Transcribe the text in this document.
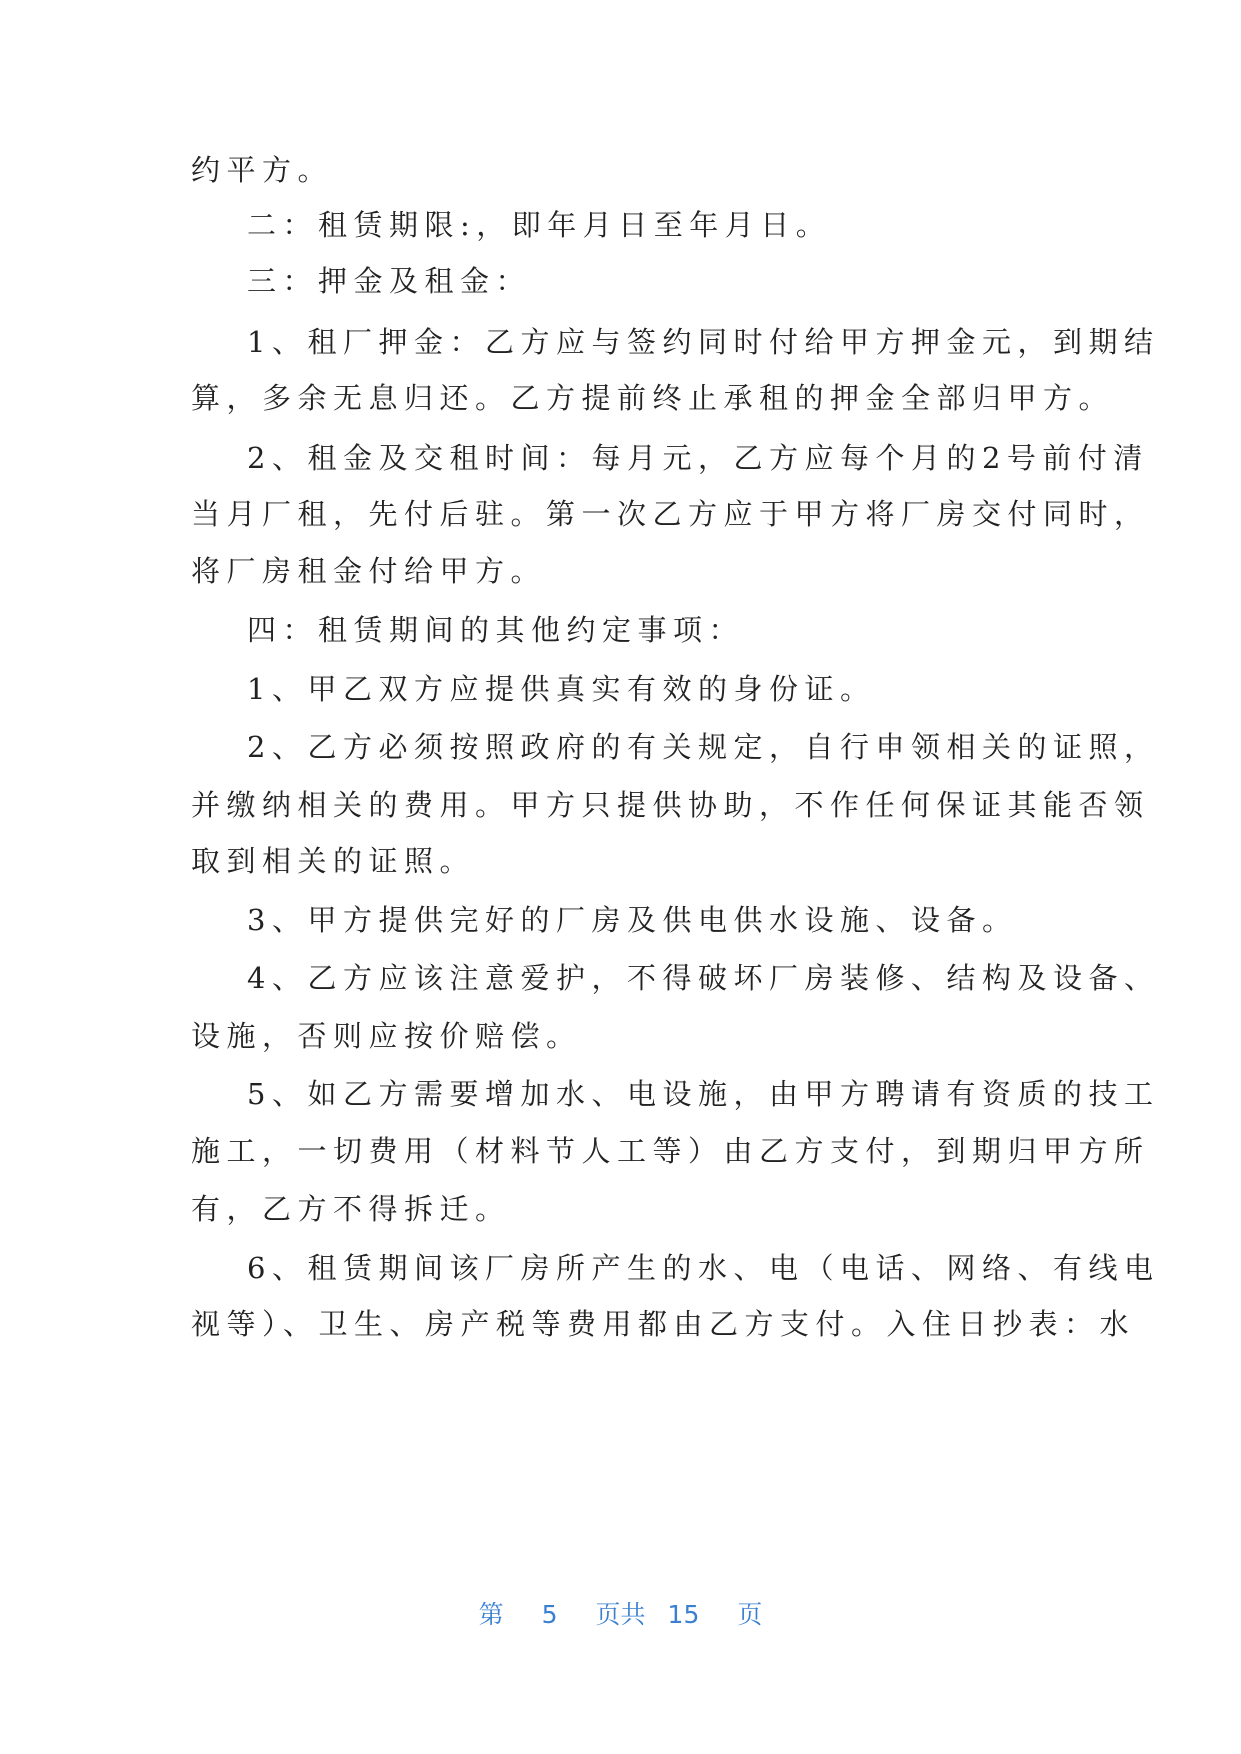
约平方。
二：租赁期限:，即年月日至年月日。
三：押金及租金：
1、租厂押金：乙方应与签约同时付给甲方押金元，到期结
算，多余无息归还。乙方提前终止承租的押金全部归甲方。
2、租金及交租时间：每月元，乙方应每个月的2号前付清
当月厂租，先付后驻。第一次乙方应于甲方将厂房交付同时，
将厂房租金付给甲方。
四：租赁期间的其他约定事项：
1、甲乙双方应提供真实有效的身份证。
2、乙方必须按照政府的有关规定，自行申领相关的证照，
并缴纳相关的费用。甲方只提供协助，不作任何保证其能否领
取到相关的证照。
3、甲方提供完好的厂房及供电供水设施、设备。
4、乙方应该注意爱护，不得破坏厂房装修、结构及设备、
设施，否则应按价赔偿。
5、如乙方需要增加水、电设施，由甲方聘请有资质的技工
施工，一切费用（材料节人工等）由乙方支付，到期归甲方所
有，乙方不得拆迁。
6、租赁期间该厂房所产生的水、电（电话、网络、有线电
视等）、卫生、房产税等费用都由乙方支付。入住日抄表：水
第 5 页共 15 页
